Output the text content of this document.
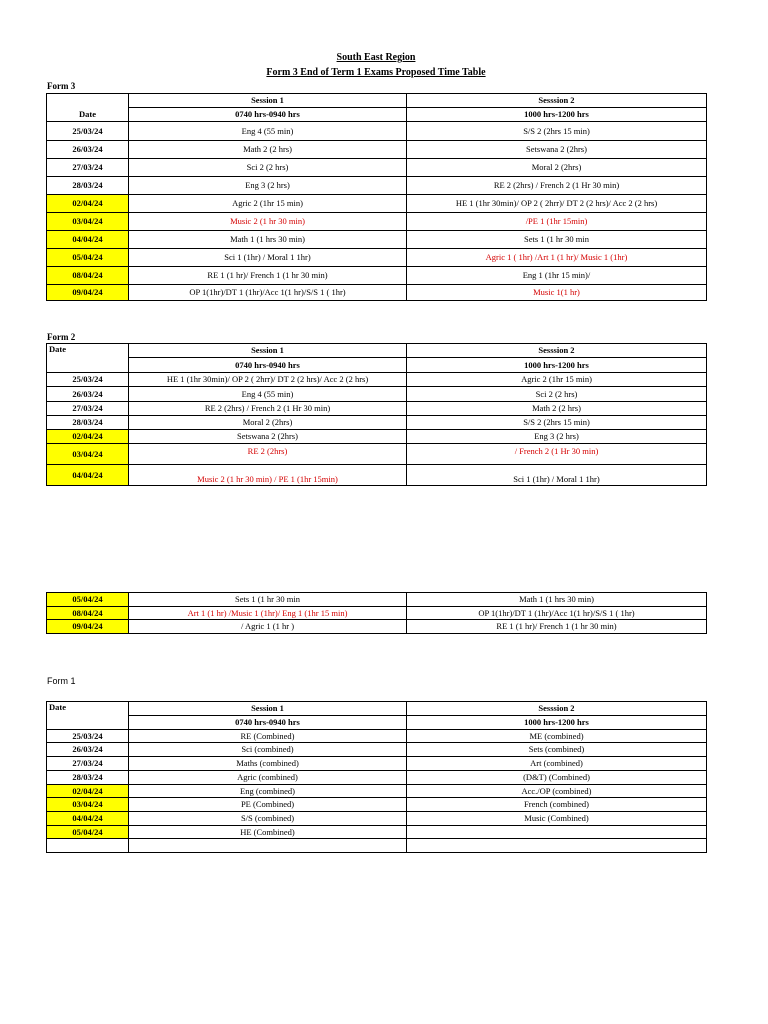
South East Region
Form 3 End of Term 1 Exams Proposed Time Table
Form 3
	Session 1	Sesssion 2
Date	0740 hrs-0940 hrs	1000 hrs-1200 hrs
25/03/24	Eng 4 (55 min)	S/S 2 (2hrs 15 min)
26/03/24	Math 2 (2 hrs)	Setswana 2 (2hrs)
27/03/24	Sci 2 (2 hrs)	Moral 2 (2hrs)
28/03/24	Eng 3 (2 hrs)	RE 2 (2hrs) / French 2 (1 Hr 30 min)
02/04/24	Agric 2 (1hr 15 min)	HE 1 (1hr 30min)/ OP 2 ( 2hrr)/ DT 2 (2 hrs)/ Acc 2 (2 hrs)
03/04/24	Music 2 (1 hr 30 min)	/PE 1 (1hr 15min)
04/04/24	Math 1 (1 hrs 30 min)	Sets 1 (1 hr 30 min
05/04/24	Sci 1 (1hr) / Moral 1 1hr)	Agric 1 ( 1hr) /Art 1 (1 hr)/ Music 1 (1hr)
08/04/24	RE 1 (1 hr)/ French 1 (1 hr 30 min)	Eng 1 (1hr 15 min)/
09/04/24	OP 1(1hr)/DT 1 (1hr)/Acc 1(1 hr)/S/S 1 ( 1hr)	Music 1(1 hr)
Form 2
Date	Session 1	Sesssion 2
	0740 hrs-0940 hrs	1000 hrs-1200 hrs
25/03/24	HE 1 (1hr 30min)/ OP 2 ( 2hrr)/ DT 2 (2 hrs)/ Acc 2 (2 hrs)	Agric 2 (1hr 15 min)
26/03/24	Eng 4 (55 min)	Sci 2 (2 hrs)
27/03/24	RE 2 (2hrs) / French 2 (1 Hr 30 min)	Math 2 (2 hrs)
28/03/24	Moral 2 (2hrs)	S/S 2 (2hrs 15 min)
02/04/24	Setswana 2 (2hrs)	Eng 3 (2 hrs)
03/04/24	RE 2 (2hrs)	/ French 2 (1 Hr 30 min)
04/04/24	Music 2 (1 hr 30 min) / PE 1 (1hr 15min)	Sci 1 (1hr) / Moral 1 1hr)
05/04/24	Sets 1 (1 hr 30 min	Math 1 (1 hrs 30 min)
08/04/24	Art 1 (1 hr) /Music 1 (1hr)/ Eng 1 (1hr 15 min)	OP 1(1hr)/DT 1 (1hr)/Acc 1(1 hr)/S/S 1 ( 1hr)
09/04/24	/ Agric 1 (1 hr )	RE 1 (1 hr)/ French 1 (1 hr 30 min)
Form 1
Date	Session 1	Sesssion 2
	0740 hrs-0940 hrs	1000 hrs-1200 hrs
25/03/24	RE (Combined)	ME (combined)
26/03/24	Sci (combined)	Sets (combined)
27/03/24	Maths (combined)	Art (combined)
28/03/24	Agric (combined)	(D&T) (Combined)
02/04/24	Eng (combined)	Acc./OP (combined)
03/04/24	PE (Combined)	French (combined)
04/04/24	S/S (combined)	Music (Combined)
05/04/24	HE (Combined)	
